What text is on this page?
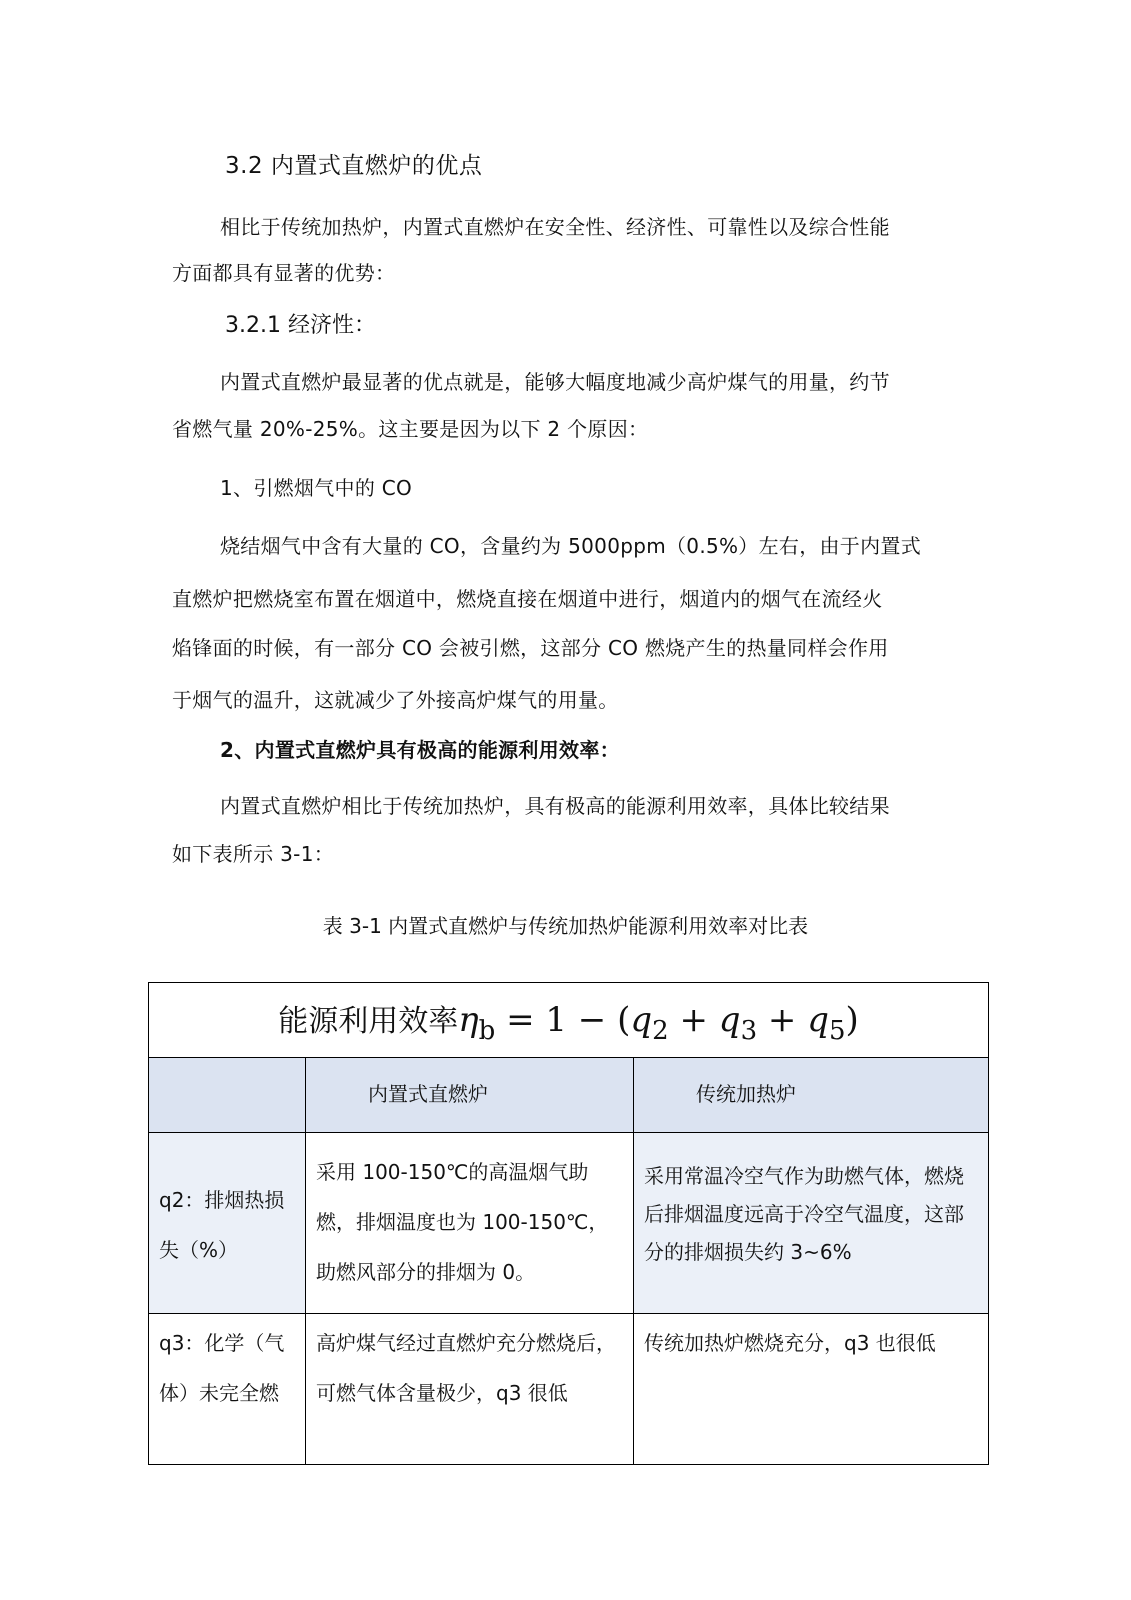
3.2 内置式直燃炉的优点
相比于传统加热炉，内置式直燃炉在安全性、经济性、可靠性以及综合性能
方面都具有显著的优势：
3.2.1 经济性：
内置式直燃炉最显著的优点就是，能够大幅度地减少高炉煤气的用量，约节
省燃气量 20%-25%。这主要是因为以下 2 个原因：
1、引燃烟气中的 CO
烧结烟气中含有大量的 CO，含量约为 5000ppm（0.5%）左右，由于内置式
直燃炉把燃烧室布置在烟道中，燃烧直接在烟道中进行，烟道内的烟气在流经火
焰锋面的时候，有一部分 CO 会被引燃，这部分 CO 燃烧产生的热量同样会作用
于烟气的温升，这就减少了外接高炉煤气的用量。
2、内置式直燃炉具有极高的能源利用效率：
内置式直燃炉相比于传统加热炉，具有极高的能源利用效率，具体比较结果
如下表所示 3-1：
表 3-1 内置式直燃炉与传统加热炉能源利用效率对比表
能源利用效率$\eta_b = 1 - (q_2 + q_3 + q_5)$		

	内置式直燃炉	传统加热炉

q2：排烟热损失（%）	采用 100-150℃的高温烟气助燃，排烟温度也为 100-150℃，助燃风部分的排烟为 0。	采用常温冷空气作为助燃气体，燃烧后排烟温度远高于冷空气温度，这部分的排烟损失约 3~6%

q3：化学（气体）未完全燃	高炉煤气经过直燃炉充分燃烧后，可燃气体含量极少，q3 很低	传统加热炉燃烧充分，q3 也很低
